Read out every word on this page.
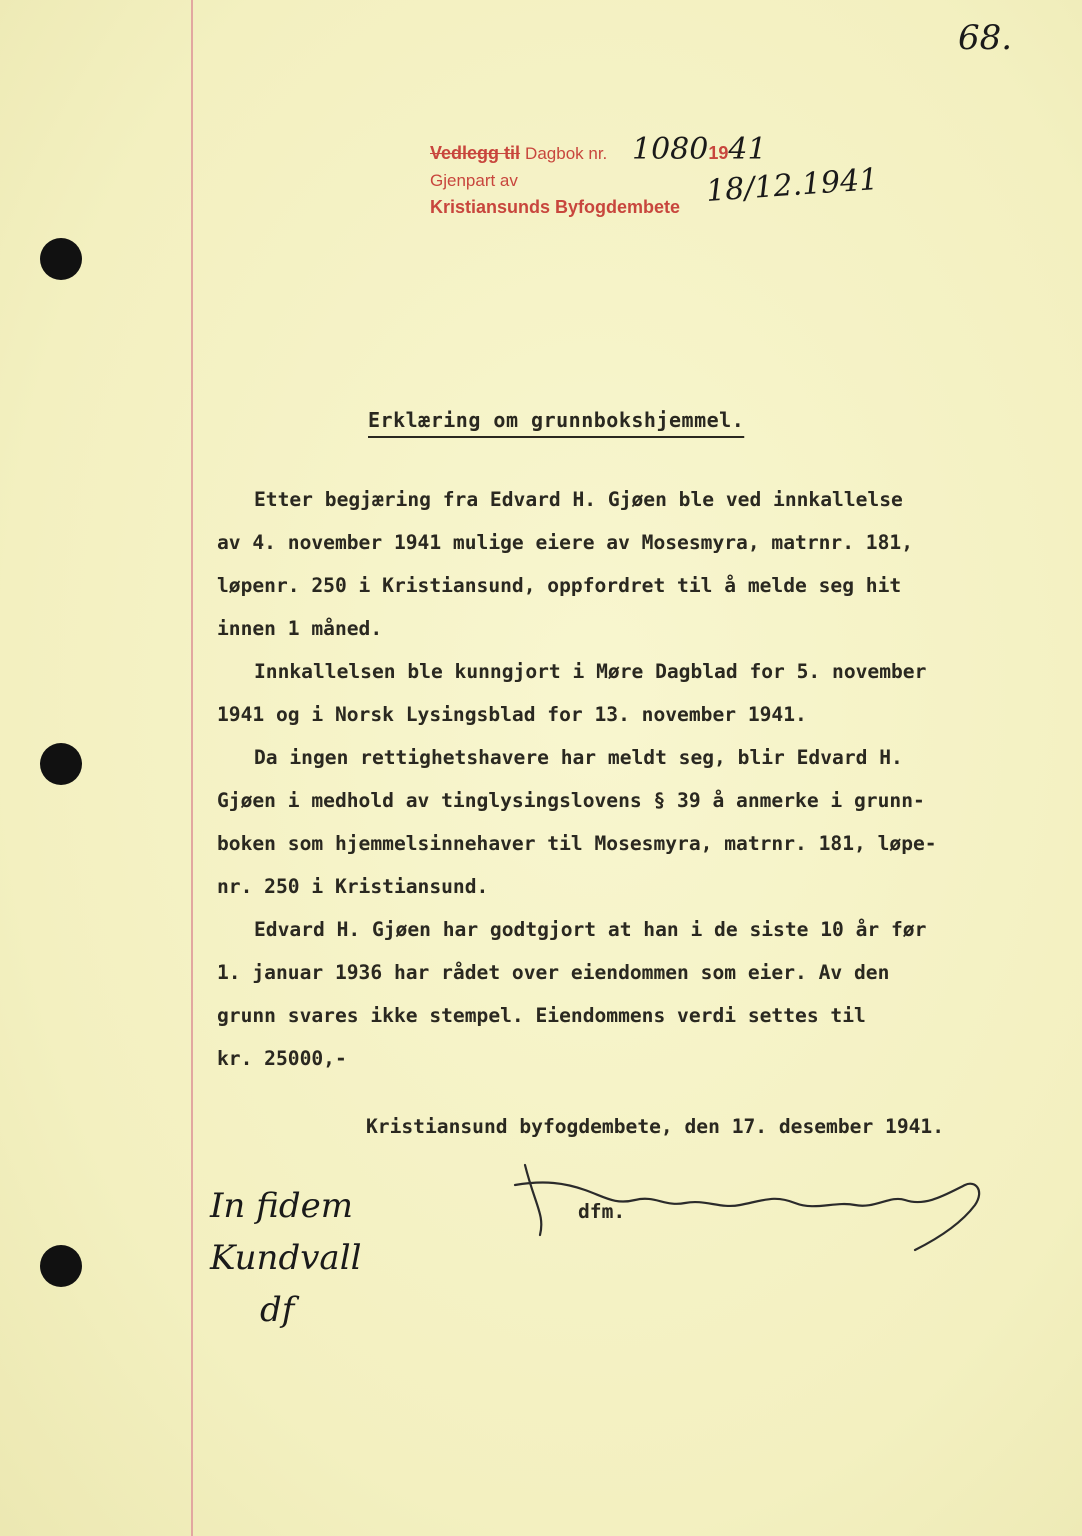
68.
Vedlegg til Dagbok nr.
Gjenpart av
Kristiansunds Byfogdembete
10801941
18/12.1941
Erklæring om grunnbokshjemmel.
Etter begjæring fra Edvard H. Gjøen ble ved innkallelse
av 4. november 1941 mulige eiere av Mosesmyra, matrnr. 181,
løpenr. 250 i Kristiansund, oppfordret til å melde seg hit
innen 1 måned.
Innkallelsen ble kunngjort i Møre Dagblad for 5. november
1941 og i Norsk Lysingsblad for 13. november 1941.
Da ingen rettighetshavere har meldt seg, blir Edvard H.
Gjøen i medhold av tinglysingslovens § 39 å anmerke i grunn-
boken som hjemmelsinnehaver til Mosesmyra, matrnr. 181, løpe-
nr. 250 i Kristiansund.
Edvard H. Gjøen har godtgjort at han i de siste 10 år før
1. januar 1936 har rådet over eiendommen som eier. Av den
grunn svares ikke stempel. Eiendommens verdi settes til
kr. 25000,-
Kristiansund byfogdembete, den 17. desember 1941.
dfm.
In fidem
Kundvall
df
